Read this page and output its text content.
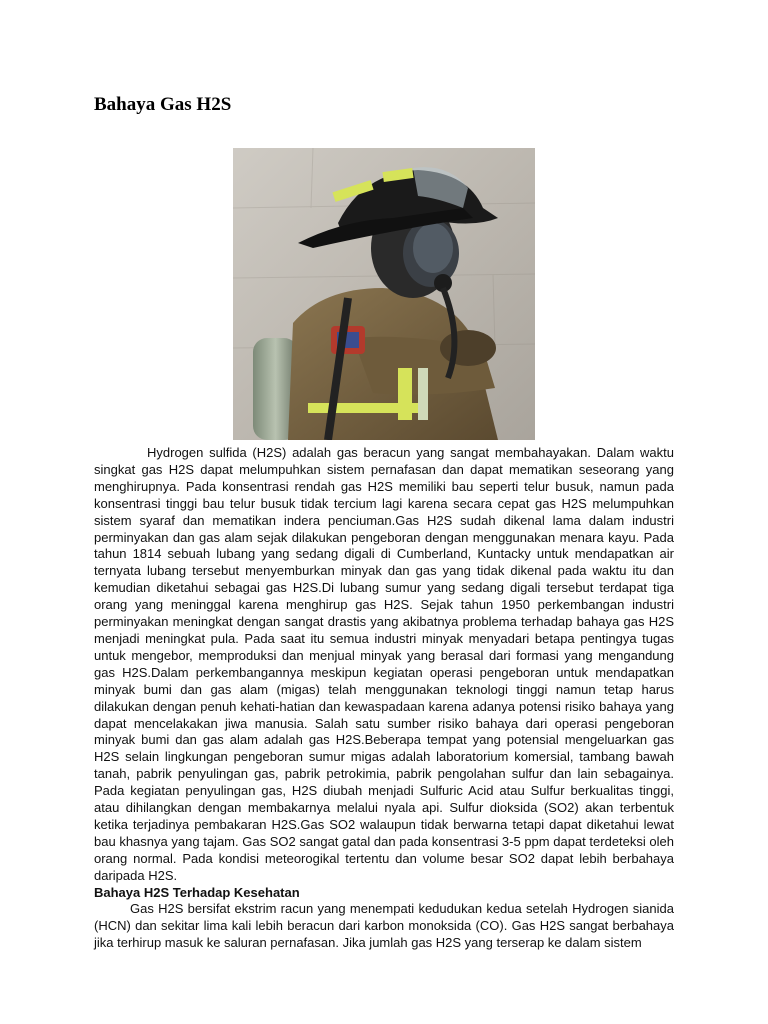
Bahaya Gas H2S

Hydrogen sulfida (H2S) adalah gas beracun yang sangat membahayakan. Dalam waktu singkat gas H2S dapat melumpuhkan sistem pernafasan dan dapat mematikan seseorang yang menghirupnya. Pada konsentrasi rendah gas H2S memiliki bau seperti telur busuk, namun pada konsentrasi tinggi bau telur busuk tidak tercium lagi karena secara cepat gas H2S melumpuhkan sistem syaraf dan mematikan indera penciuman.Gas H2S sudah dikenal lama dalam industri perminyakan dan gas alam sejak dilakukan pengeboran dengan menggunakan menara kayu. Pada tahun 1814 sebuah lubang yang sedang digali di Cumberland, Kuntacky untuk mendapatkan air ternyata lubang tersebut menyemburkan minyak dan gas yang tidak dikenal pada waktu itu dan kemudian diketahui sebagai gas H2S.Di lubang sumur yang sedang digali tersebut terdapat tiga orang yang meninggal karena menghirup gas H2S. Sejak tahun 1950 perkembangan industri perminyakan meningkat dengan sangat drastis yang akibatnya problema terhadap bahaya gas H2S menjadi meningkat pula. Pada saat itu semua industri minyak menyadari betapa pentingya tugas untuk mengebor, memproduksi dan menjual minyak yang berasal dari formasi yang mengandung gas H2S.Dalam perkembangannya meskipun kegiatan operasi pengeboran untuk mendapatkan minyak bumi dan gas alam (migas) telah menggunakan teknologi tinggi namun tetap harus dilakukan dengan penuh kehati-hatian dan kewaspadaan karena adanya potensi risiko bahaya yang dapat mencelakakan jiwa manusia. Salah satu sumber risiko bahaya dari operasi pengeboran minyak bumi dan gas alam adalah gas H2S.Beberapa tempat yang potensial mengeluarkan gas H2S selain lingkungan pengeboran sumur migas adalah laboratorium komersial, tambang bawah tanah, pabrik penyulingan gas, pabrik petrokimia, pabrik pengolahan sulfur dan lain sebagainya. Pada kegiatan penyulingan gas, H2S diubah menjadi Sulfuric Acid atau Sulfur berkualitas tinggi, atau dihilangkan dengan membakarnya melalui nyala api. Sulfur dioksida (SO2) akan terbentuk ketika terjadinya pembakaran H2S.Gas SO2 walaupun tidak berwarna tetapi dapat diketahui lewat bau khasnya yang tajam. Gas SO2 sangat gatal dan pada konsentrasi 3-5 ppm dapat terdeteksi oleh orang normal. Pada kondisi meteorogikal tertentu dan volume besar SO2 dapat lebih berbahaya daripada H2S.

Bahaya H2S Terhadap Kesehatan

Gas H2S bersifat ekstrim racun yang menempati kedudukan kedua setelah Hydrogen sianida (HCN) dan sekitar lima kali lebih beracun dari karbon monoksida (CO). Gas H2S sangat berbahaya jika terhirup masuk ke saluran pernafasan. Jika jumlah gas H2S yang terserap ke dalam sistem
